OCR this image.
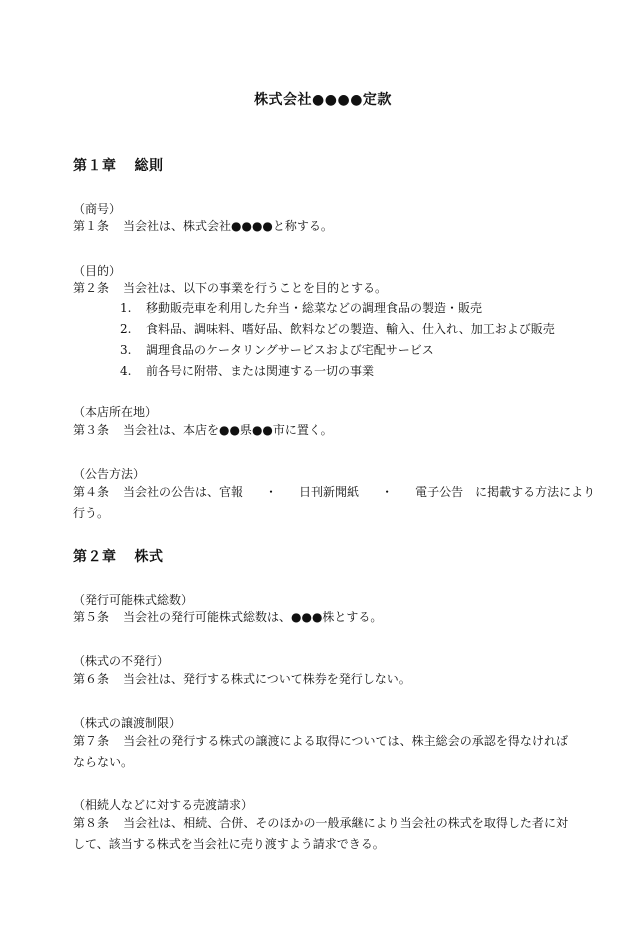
株式会社●●●●定款
第１章 総則
（商号）
第１条 当会社は、株式会社●●●●と称する。
（目的）
第２条 当会社は、以下の事業を行うことを目的とする。
1. 移動販売車を利用した弁当・総菜などの調理食品の製造・販売
2. 食料品、調味料、嗜好品、飲料などの製造、輸入、仕入れ、加工および販売
3. 調理食品のケータリングサービスおよび宅配サービス
4. 前各号に附帯、または関連する一切の事業
（本店所在地）
第３条 当会社は、本店を●●県●●市に置く。
（公告方法）
第４条 当会社の公告は、官報 ・ 日刊新聞紙 ・ 電子公告 に掲載する方法により
行う。
第２章 株式
（発行可能株式総数）
第５条 当会社の発行可能株式総数は、●●●株とする。
（株式の不発行）
第６条 当会社は、発行する株式について株券を発行しない。
（株式の譲渡制限）
第７条 当会社の発行する株式の譲渡による取得については、株主総会の承認を得なければならない。
（相続人などに対する売渡請求）
第８条 当会社は、相続、合併、そのほかの一般承継により当会社の株式を取得した者に対して、該当する株式を当会社に売り渡すよう請求できる。
